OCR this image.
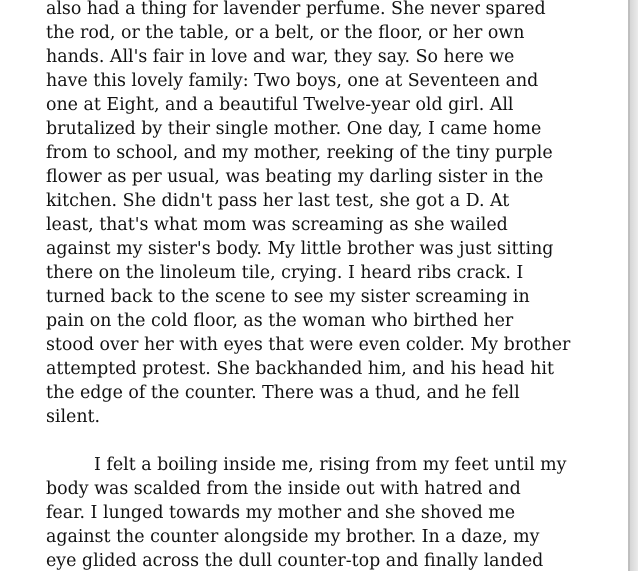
also had a thing for lavender perfume. She never spared
the rod, or the table, or a belt, or the floor, or her own
hands. All's fair in love and war, they say. So here we
have this lovely family: Two boys, one at Seventeen and
one at Eight, and a beautiful Twelve-year old girl. All
brutalized by their single mother. One day, I came home
from to school, and my mother, reeking of the tiny purple
flower as per usual, was beating my darling sister in the
kitchen. She didn't pass her last test, she got a D. At
least, that's what mom was screaming as she wailed
against my sister's body. My little brother was just sitting
there on the linoleum tile, crying. I heard ribs crack. I
turned back to the scene to see my sister screaming in
pain on the cold floor, as the woman who birthed her
stood over her with eyes that were even colder. My brother
attempted protest. She backhanded him, and his head hit
the edge of the counter. There was a thud, and he fell
silent.
I felt a boiling inside me, rising from my feet until my
body was scalded from the inside out with hatred and
fear. I lunged towards my mother and she shoved me
against the counter alongside my brother. In a daze, my
eye glided across the dull counter-top and finally landed
